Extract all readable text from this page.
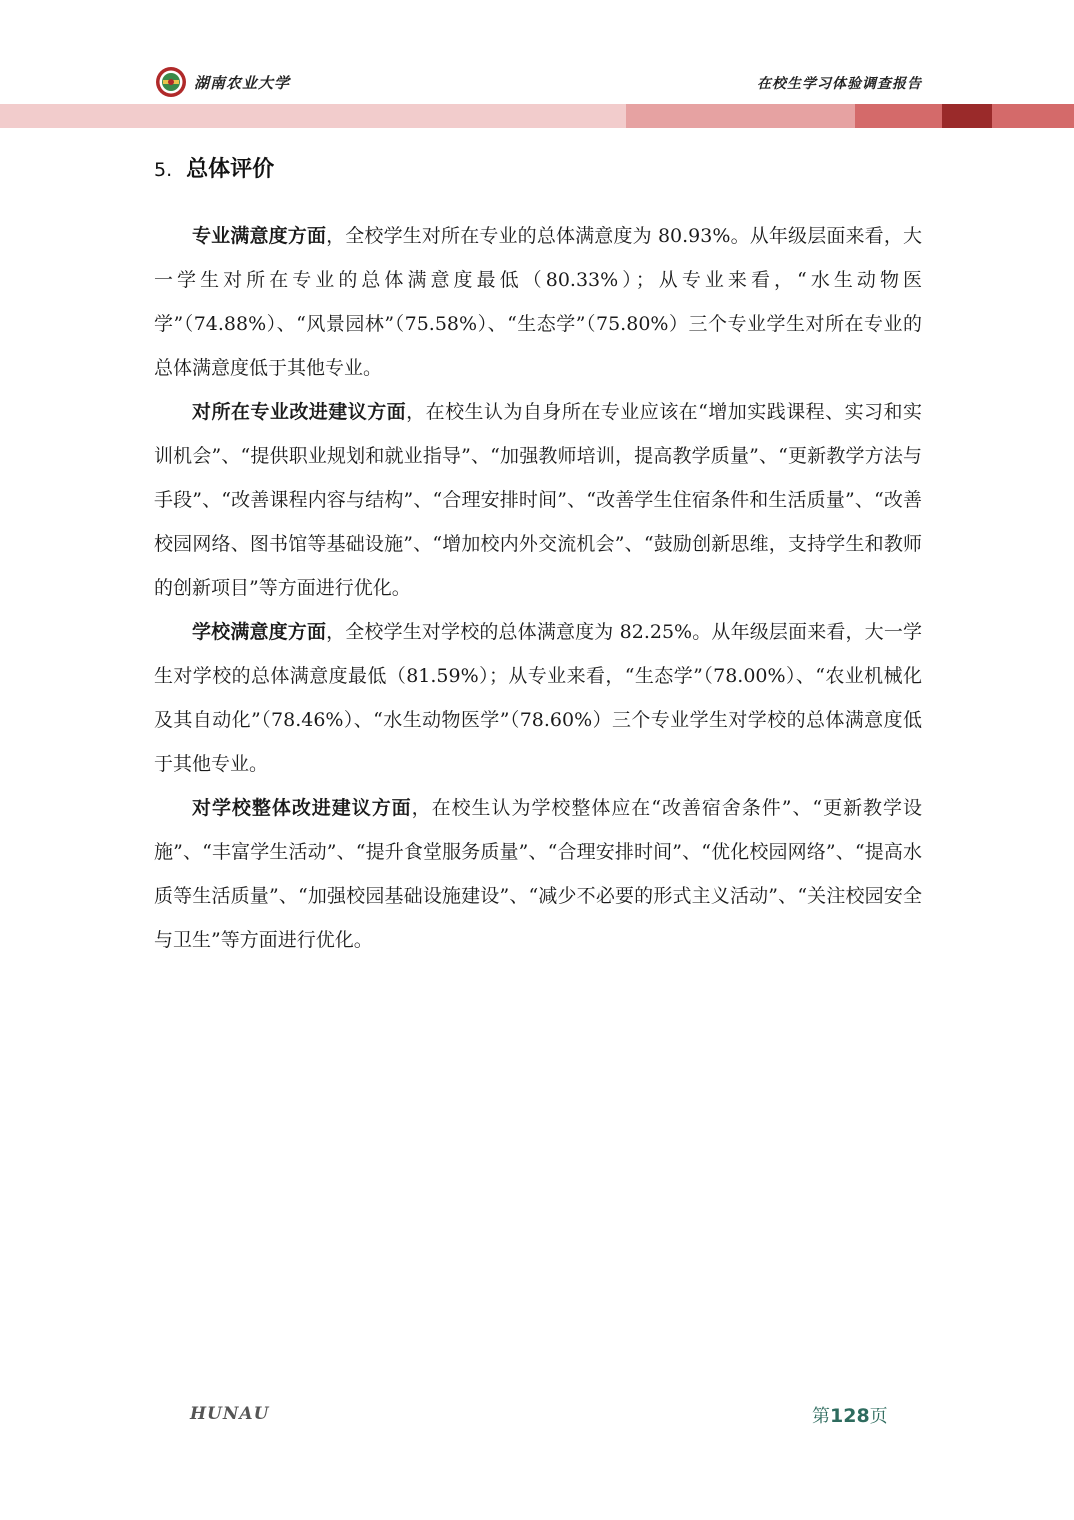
湖南农业大学	在校生学习体验调查报告
5. 总体评价

专业满意度方面，全校学生对所在专业的总体满意度为 80.93%。从年级层面来看，大一学生对所在专业的总体满意度最低（80.33%）；从专业来看，“水生动物医学”（74.88%）、“风景园林”（75.58%）、“生态学”（75.80%）三个专业学生对所在专业的总体满意度低于其他专业。

对所在专业改进建议方面，在校生认为自身所在专业应该在“增加实践课程、实习和实训机会”、“提供职业规划和就业指导”、“加强教师培训，提高教学质量”、“更新教学方法与手段”、“改善课程内容与结构”、“合理安排时间”、“改善学生住宿条件和生活质量”、“改善校园网络、图书馆等基础设施”、“增加校内外交流机会”、“鼓励创新思维，支持学生和教师的创新项目”等方面进行优化。

学校满意度方面，全校学生对学校的总体满意度为 82.25%。从年级层面来看，大一学生对学校的总体满意度最低（81.59%）；从专业来看，“生态学”（78.00%）、“农业机械化及其自动化”（78.46%）、“水生动物医学”（78.60%）三个专业学生对学校的总体满意度低于其他专业。

对学校整体改进建议方面，在校生认为学校整体应在“改善宿舍条件”、“更新教学设施”、“丰富学生活动”、“提升食堂服务质量”、“合理安排时间”、“优化校园网络”、“提高水质等生活质量”、“加强校园基础设施建设”、“减少不必要的形式主义活动”、“关注校园安全与卫生”等方面进行优化。

HUNAU	第128页
